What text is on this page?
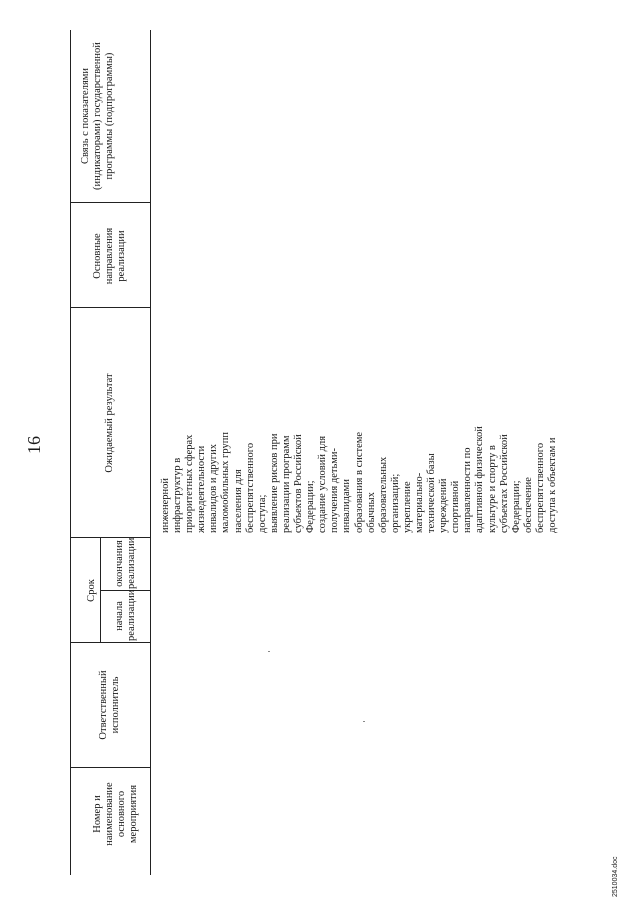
16
Номер и наименование основного мероприятия
Ответственный исполнитель
Срок
начала реализации
окончания реализации
Ожидаемый результат
Основные направления реализации
Связь с показателями (индикаторами) государственной программы (подпрограммы)
инженерной инфраструктур в приоритетных сферах жизнедеятельности инвалидов и других маломобильных групп населения для беспрепятственного доступа; выявление рисков при реализации программ субъектов Российской Федерации; создание условий для получения детьми- инвалидами образования в системе обычных образовательных организаций; укрепление материально- технической базы учреждений спортивной направленности по адаптивной физической культуре и спорту в субъектах Российской Федерации; обеспечение беспрепятственного доступа к объектам и
2510034.doc
